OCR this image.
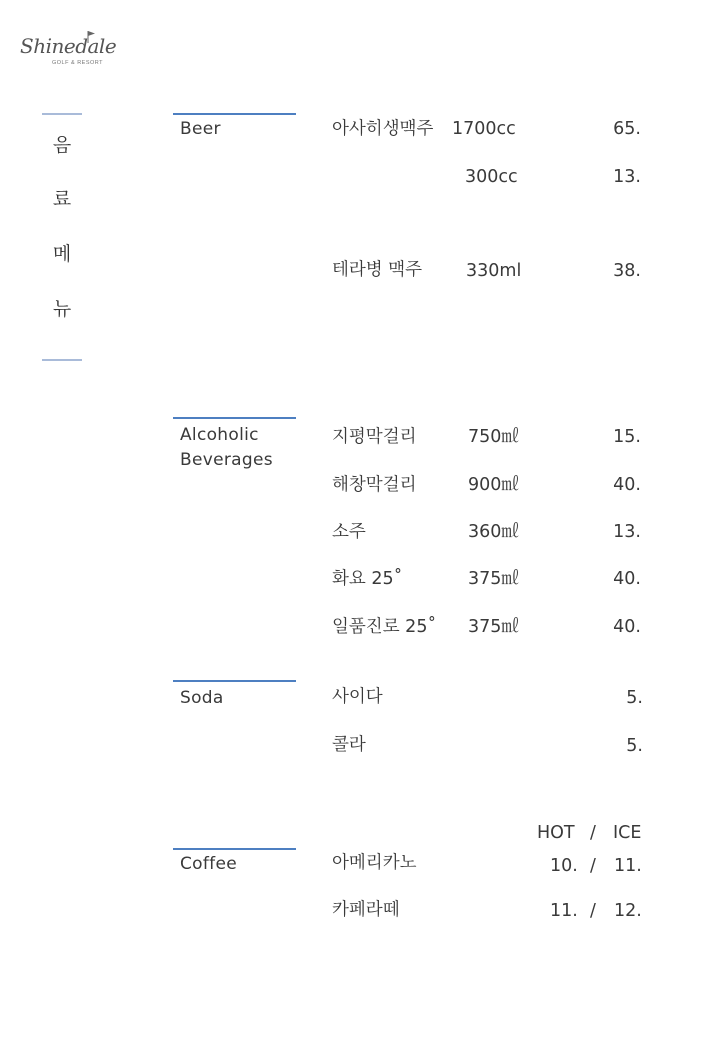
Shinedale
GOLF & RESORT
음
료
메
뉴
Beer	아사히생맥주 1700cc	65.
300cc	13.
테라병 맥주	330ml	38.
Alcoholic
Beverages
지평막걸리	750㎖	15.
해창막걸리	900㎖	40.
소주	360㎖	13.
화요 25˚	375㎖	40.
일품진로 25˚ 375㎖	40.
Soda	사이다	5.
콜라	5.
HOT / ICE
Coffee	아메리카노	10. / 11.
카페라떼	11. / 12.
